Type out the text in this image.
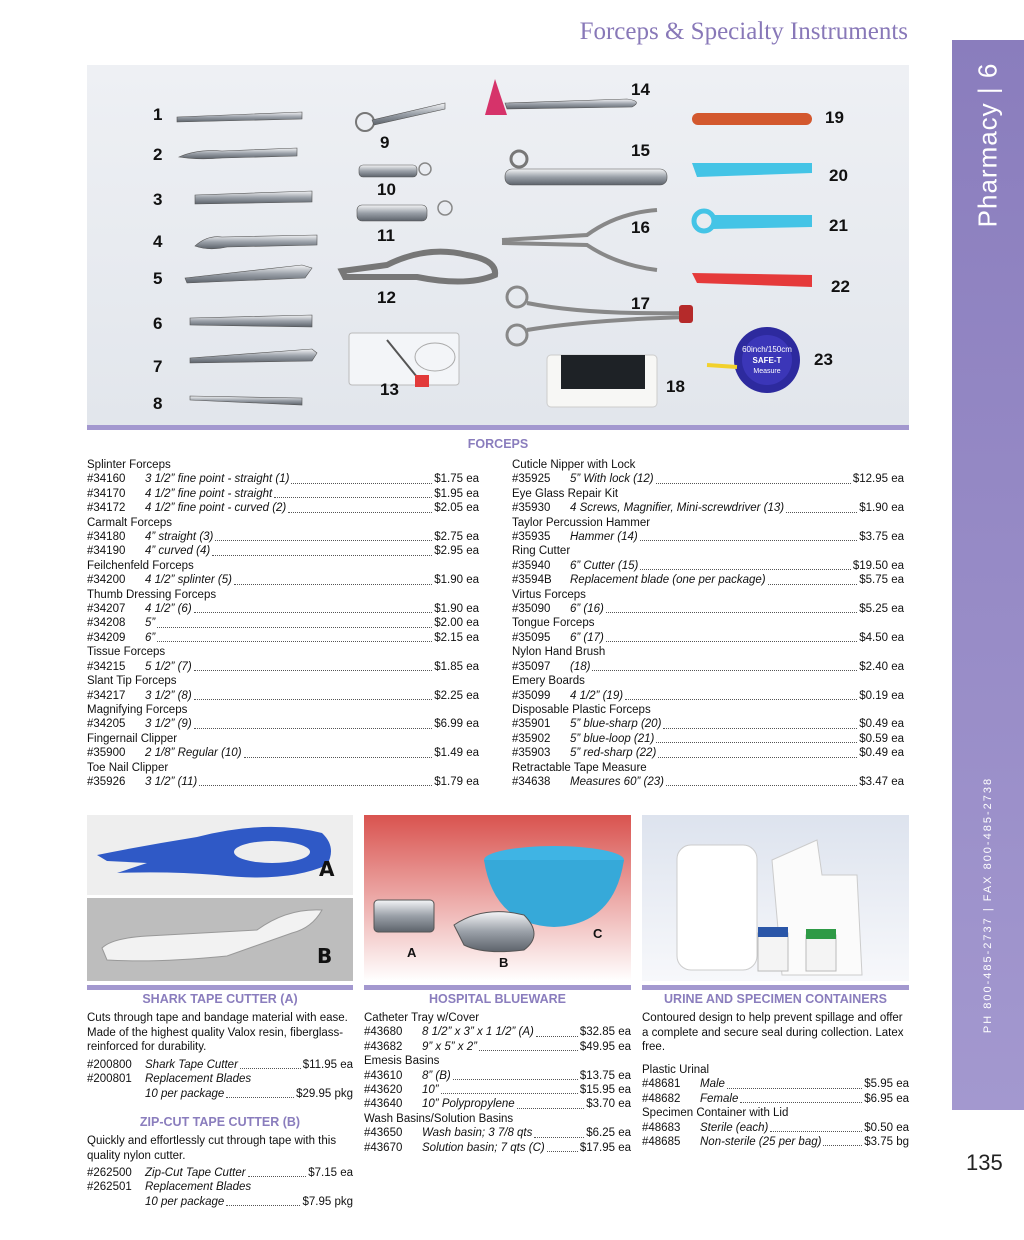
Forceps & Specialty Instruments
Pharmacy | 6
PH 800-485-2737 | FAX 800-485-2738
135
60inch/150cm
SAFE-T
Measure
1
2
3
4
5
6
7
8
9
10
11
12
13
14
15
16
17
18
19
20
21
22
23
FORCEPS
Splinter Forceps
#34160	3 1/2” fine point - straight (1)	$1.75 ea
#34170	4 1/2” fine point - straight	$1.95 ea
#34172	4 1/2” fine point - curved (2)	$2.05 ea
Carmalt Forceps
#34180	4” straight (3)	$2.75 ea
#34190	4” curved (4)	$2.95 ea
Feilchenfeld Forceps
#34200	4 1/2” splinter (5)	$1.90 ea
Thumb Dressing Forceps
#34207	4 1/2” (6)	$1.90 ea
#34208	5”	$2.00 ea
#34209	6”	$2.15 ea
Tissue Forceps
#34215	5 1/2” (7)	$1.85 ea
Slant Tip Forceps
#34217	3 1/2” (8)	$2.25 ea
Magnifying Forceps
#34205	3 1/2” (9)	$6.99 ea
Fingernail Clipper
#35900	2 1/8” Regular (10)	$1.49 ea
Toe Nail Clipper
#35926	3 1/2” (11)	$1.79 ea
Cuticle Nipper with Lock
#35925	5” With lock (12)	$12.95 ea
Eye Glass Repair Kit
#35930	4 Screws, Magnifier, Mini-screwdriver (13)	$1.90 ea
Taylor Percussion Hammer
#35935	Hammer (14)	$3.75 ea
Ring Cutter
#35940	6” Cutter (15)	$19.50 ea
#3594B	Replacement blade (one per package)	$5.75 ea
Virtus Forceps
#35090	6” (16)	$5.25 ea
Tongue Forceps
#35095	6” (17)	$4.50 ea
Nylon Hand Brush
#35097	(18)	$2.40 ea
Emery Boards
#35099	4 1/2” (19)	$0.19 ea
Disposable Plastic Forceps
#35901	5” blue-sharp (20)	$0.49 ea
#35902	5” blue-loop (21)	$0.59 ea
#35903	5” red-sharp (22)	$0.49 ea
Retractable Tape Measure
#34638	Measures 60” (23)	$3.47 ea
A
B	A
B
C
SHARK TAPE CUTTER (A)
Cuts through tape and bandage material with ease. Made of the highest quality Valox resin, fiberglass-reinforced for durability.
#200800	Shark Tape Cutter	$11.95 ea
#200801	Replacement Blades
10 per package	$29.95 pkg
ZIP-CUT TAPE CUTTER (B)
Quickly and effortlessly cut through tape with this quality nylon cutter.
#262500	Zip-Cut Tape Cutter	$7.15 ea
#262501	Replacement Blades
10 per package	$7.95 pkg
HOSPITAL BLUEWARE
Catheter Tray w/Cover
#43680	8 1/2” x 3” x 1 1/2” (A)	$32.85 ea
#43682	9” x 5” x 2”	$49.95 ea
Emesis Basins
#43610	8” (B)	$13.75 ea
#43620	10”	$15.95 ea
#43640	10” Polypropylene	$3.70 ea
Wash Basins/Solution Basins
#43650	Wash basin; 3 7/8 qts	$6.25 ea
#43670	Solution basin; 7 qts (C)	$17.95 ea
URINE AND SPECIMEN CONTAINERS
Contoured design to help prevent spillage and offer a complete and secure seal during collection. Latex free.
Plastic Urinal
#48681	Male	$5.95 ea
#48682	Female	$6.95 ea
Specimen Container with Lid
#48683	Sterile (each)	$0.50 ea
#48685	Non-sterile (25 per bag)	$3.75 bg
